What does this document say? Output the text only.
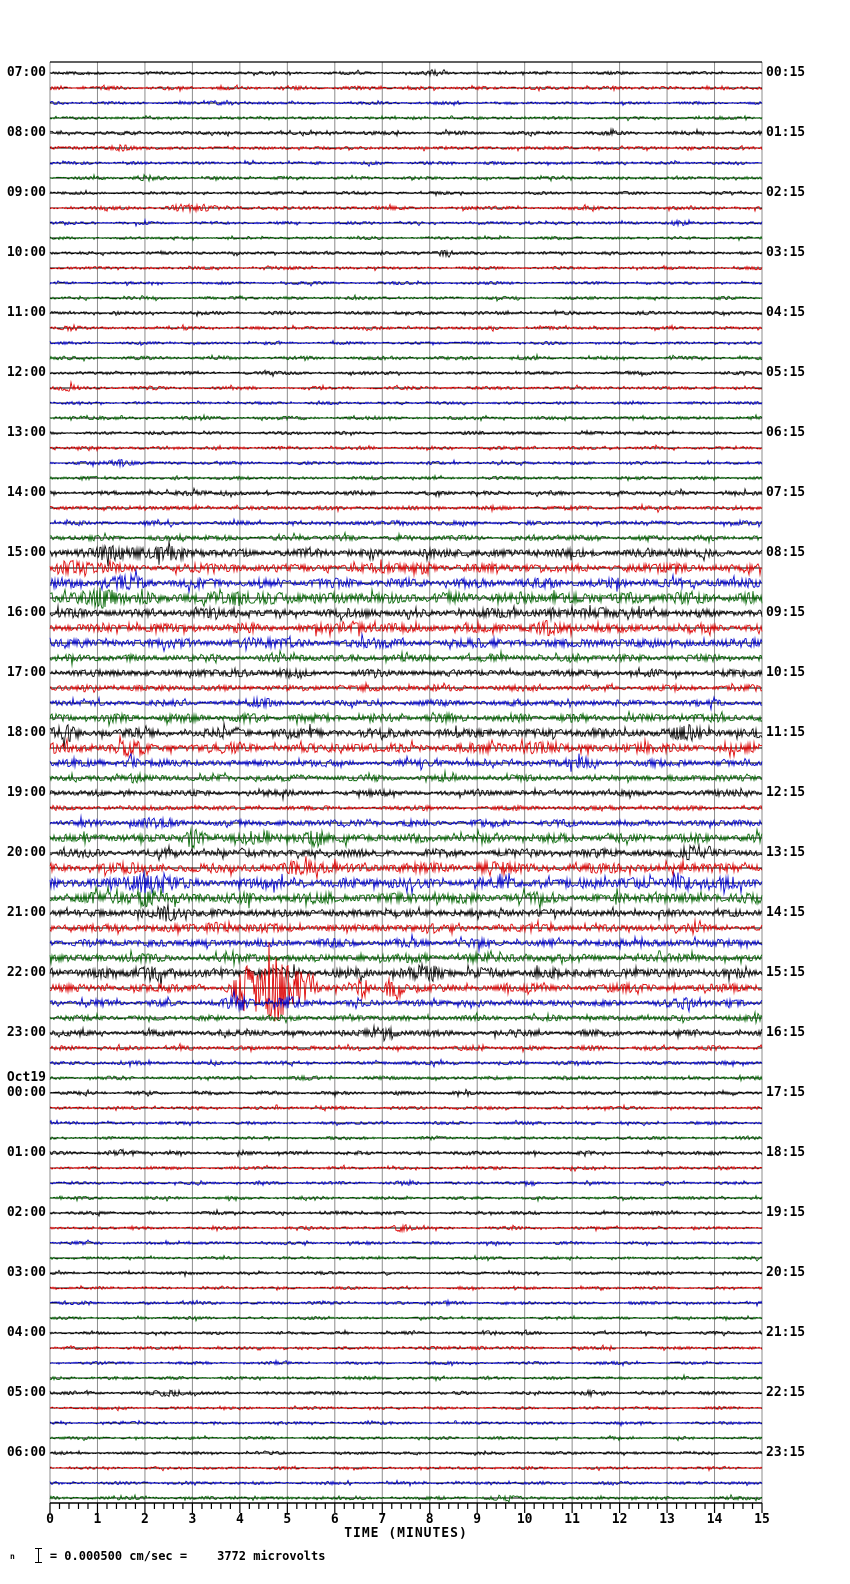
07:00	00:15
08:00	01:15
09:00	02:15
10:00	03:15
11:00	04:15
12:00	05:15
13:00	06:15
14:00	07:15
15:00	08:15
16:00	09:15
17:00	10:15
18:00	11:15
19:00	12:15
20:00	13:15
21:00	14:15
22:00	15:15
23:00	16:15
Oct19
00:00	17:15
01:00	18:15
02:00	19:15
03:00	20:15
04:00	21:15
05:00	22:15
06:00	23:15
0	1	2	3	4	5	6	7	8	9	10	11	12	13	14	15
TIME (MINUTES)
n	= 0.000500 cm/sec =	3772 microvolts
